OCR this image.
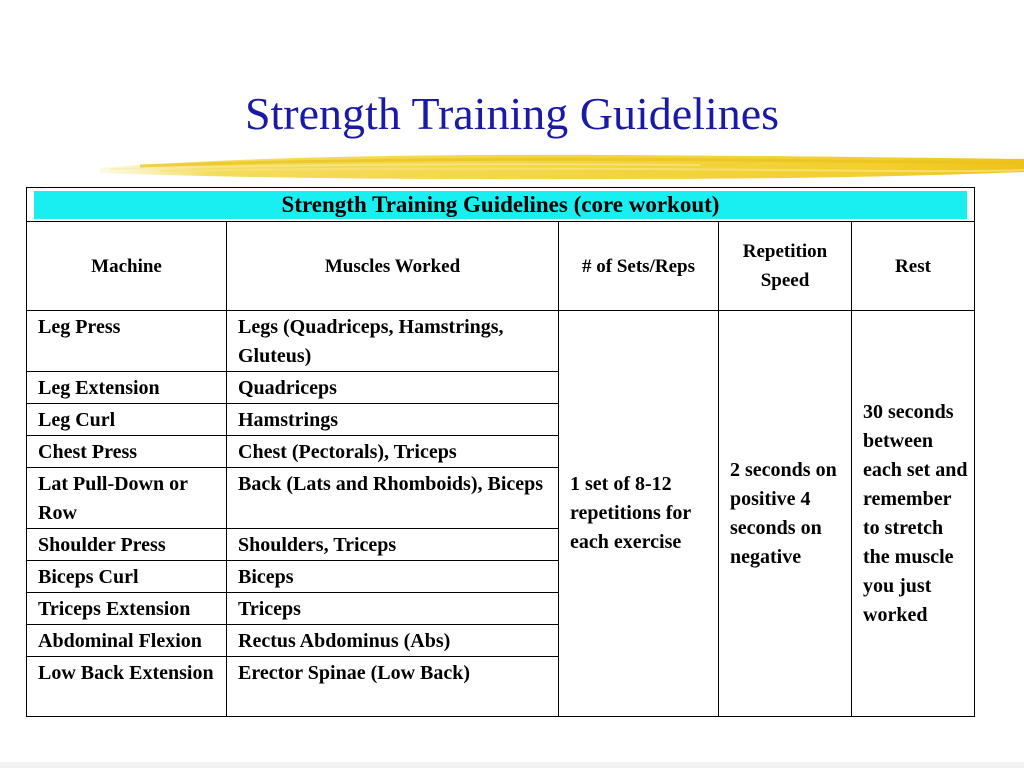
Strength Training Guidelines
Strength Training Guidelines (core workout)				

Machine	Muscles Worked	# of Sets/Reps	Repetition Speed	Rest
Leg Press	Legs (Quadriceps, Hamstrings, Gluteus)	1 set of 8-12 repetitions for each exercise	2 seconds on positive 4 seconds on negative	30 seconds between each set and remember to stretch the muscle you just worked
Leg Extension	Quadriceps			
Leg Curl	Hamstrings			
Chest Press	Chest (Pectorals), Triceps			
Lat Pull-Down or Row	Back (Lats and Rhomboids), Biceps			
Shoulder Press	Shoulders, Triceps			
Biceps Curl	Biceps			
Triceps Extension	Triceps			
Abdominal Flexion	Rectus Abdominus (Abs)			
Low Back Extension	Erector Spinae (Low Back)			
